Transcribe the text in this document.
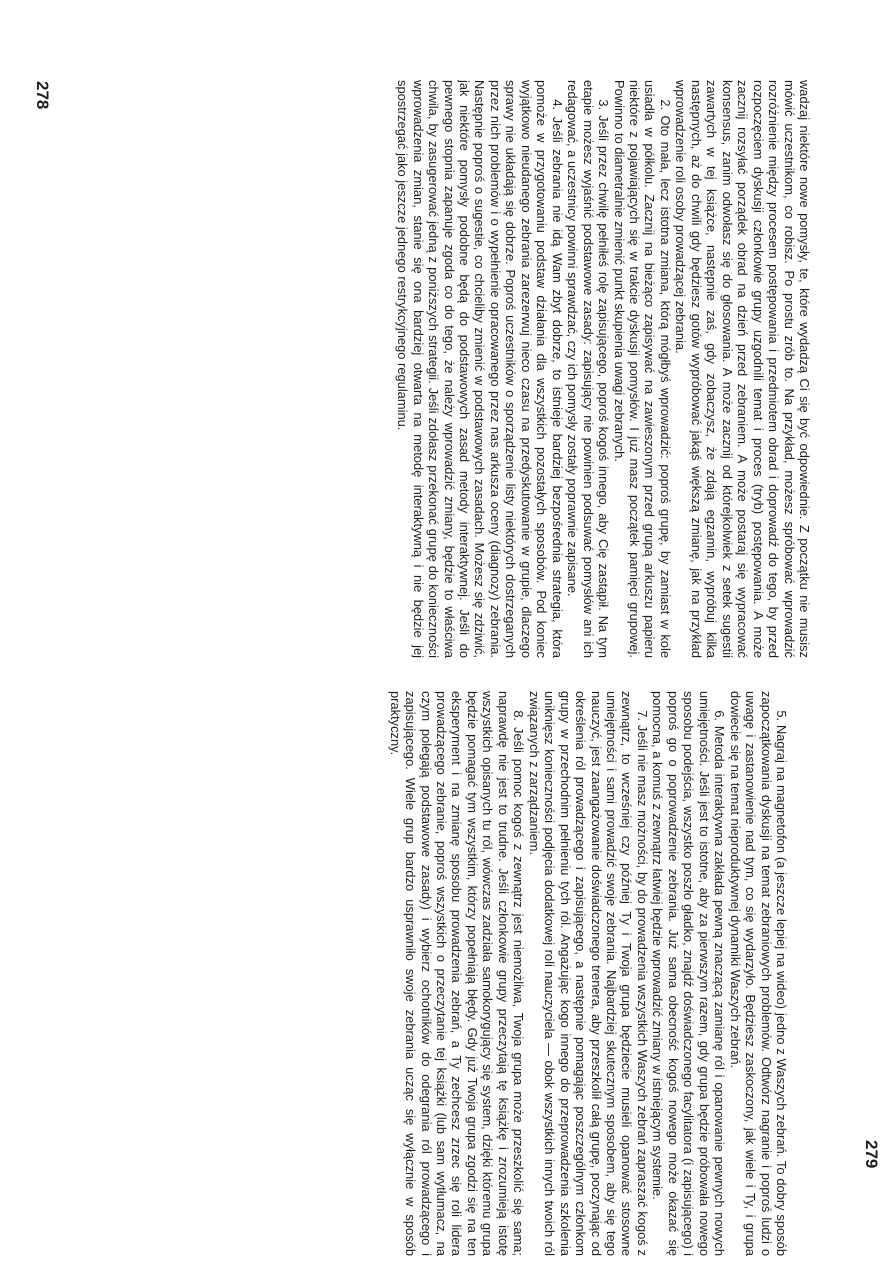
278	wadzaj niektóre nowe pomysły, te, które wydadzą Ci się być odpowiednie. Z początku nie musisz mówić uczestnikom, co robisz. Po prostu zrób to. Na przykład, możesz spróbować wprowadzić rozróżnienie między procesem postępowania i przedmiotem obrad i doprowadź do tego, by przed rozpoczęciem dyskusji członkowie grupy uzgodnili temat i proces (tryb) postępowania. A może zacznij rozsyłać porządek obrad na dzień przed zebraniem. A może postaraj się wypracować konsensus, zanim odwołasz się do głosowania. A może zacznij od którejkolwiek z setek sugestii zawartych w tej książce, następnie zaś, gdy zobaczysz, że zdają egzamin, wypróbuj kilka następnych, aż do chwili gdy będziesz gotów wypróbować jakąś większą zmianę, jak na przykład wprowadzenie roli osoby prowadzącej zebrania.

2. Oto mała, lecz istotna zmiana, którą mógłbyś wprowadzić: poproś grupę, by zamiast w kole usiadła w półkolu. Zacznij na bieżąco zapisywać na zawieszonym przed grupą arkuszu papieru niektóre z pojawiających się w trakcie dyskusji pomysłów. I już masz początek pamięci grupowej. Powinno to diametralnie zmienić punkt skupienia uwagi zebranych.

3. Jeśli przez chwilę pełniłeś rolę zapisującego, poproś kogoś innego, aby Cię zastąpił. Na tym etapie możesz wyjaśnić podstawowe zasady: zapisujący nie powinien podsuwać pomysłów ani ich redagować, a uczestnicy powinni sprawdzać, czy ich pomysły zostały poprawnie zapisane.

4. Jeśli zebrania nie idą Wam zbyt dobrze, to istnieje bardziej bezpośrednia strategia, która pomoże w przygotowaniu podstaw działania dla wszystkich pozostałych sposobów. Pod koniec wyjątkowo nieudanego zebrania zarezerwuj nieco czasu na przedyskutowanie w grupie, dlaczego sprawy nie układają się dobrze. Poproś uczestników o sporządzenie listy niektórych dostrzeganych przez nich problemów i o wypełnienie opracowanego przez nas arkusza oceny (diagnozy) zebrania. Następnie poproś o sugestie, co chcieliby zmienić w podstawowych zasadach. Możesz się zdziwić, jak niektóre pomysły podobne będą do podstawowych zasad metody interaktywnej. Jeśli do pewnego stopnia zapanuje zgoda co do tego, że należy wprowadzić zmiany, będzie to właściwa chwila, by zasugerować jedną z poniższych strategii. Jeśli zdołasz przekonać grupę do konieczności wprowadzenia zmian, stanie się ona bardziej otwarta na metodę interaktywną i nie będzie jej spostrzegać jako jeszcze jednego restrykcyjnego regulaminu.

5. Nagraj na magnetofon (a jeszcze lepiej na wideo) jedno z Waszych zebrań. To dobry sposób zapoczątkowania dyskusji na temat zebraniowych problemów. Odtwórz nagranie i poproś ludzi o uwagę i zastanowienie nad tym, co się wydarzyło. Będziesz zaskoczony, jak wiele i Ty, i grupa dowiecie się na temat nieproduktywnej dynamiki Waszych zebrań.

6. Metoda interaktywna zakłada pewną znaczącą zamianę ról i opanowanie pewnych nowych umiejętności. Jeśli jest to istotne, aby za pierwszym razem, gdy grupa będzie próbowała nowego sposobu podejścia, wszystko poszło gładko, znajdź doświadczonego facylitatora (i zapisującego) i poproś go o poprowadzenie zebrania. Już sama obecność kogoś nowego może okazać się pomocna, a komuś z zewnątrz łatwiej będzie wprowadzić zmiany w istniejącym systemie.

7. Jeśli nie masz możności, by do prowadzenia wszystkich Waszych zebrań zapraszać kogoś z zewnątrz, to wcześniej czy później Ty i Twoja grupa będziecie musieli opanować stosowne umiejętności i sami prowadzić swoje zebrania. Najbardziej skutecznym sposobem, aby się tego nauczyć, jest zaangażowanie doświadczonego trenera, aby przeszkolił całą grupę, poczynając od określenia ról prowadzącego i zapisującego, a następnie pomagając poszczególnym członkom grupy w przechodnim pełnieniu tych ról. Angażując kogo innego do przeprowadzenia szkolenia uniknięsz konieczności podjęcia dodatkowej roli nauczyciela — obok wszystkich innych twoich ról związanych z zarządzaniem.

8. Jeśli pomoc kogoś z zewnątrz jest niemożliwa, Twoja grupa może przeszkolić się sama; naprawdę nie jest to trudne. Jeśli członkowie grupy przeczytają tę książkę i zrozumieją istotę wszystkich opisanych tu ról, wówczas zadziała samokorygujący się system, dzięki któremu grupa będzie pomagać tym wszystkim, którzy popełniają błędy. Gdy już Twoja grupa zgodzi się na ten eksperyment i na zmianę sposobu prowadzenia zebrań, a Ty zechcesz zrzec się roli lidera prowadzącego zebranie, poproś wszystkich o przeczytanie tej książki (lub sam wytłumacz, na czym polegają podstawowe zasady) i wybierz ochotników do odegrania ról prowadzącego i zapisującego. Wiele grup bardzo usprawniło swoje zebrania ucząc się wyłącznie w sposób praktyczny.

279
